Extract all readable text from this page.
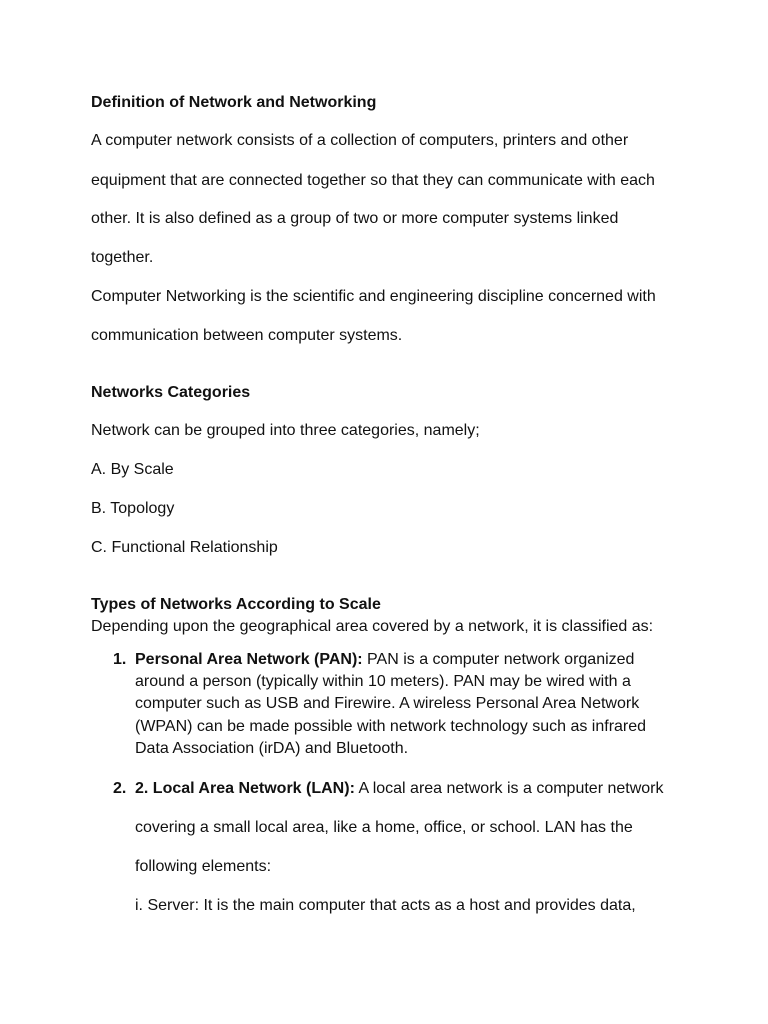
Definition of Network and Networking
A computer network consists of a collection of computers, printers and other
equipment that are connected together so that they can communicate with each
other. It is also defined as a group of two or more computer systems linked
together.
Computer Networking is the scientific and engineering discipline concerned with
communication between computer systems.
Networks Categories
Network can be grouped into three categories, namely;
A. By Scale
B. Topology
C. Functional Relationship
Types of Networks According to Scale
Depending upon the geographical area covered by a network, it is classified as:
1. Personal Area Network (PAN): PAN is a computer network organized
around a person (typically within 10 meters). PAN may be wired with a
computer such as USB and Firewire. A wireless Personal Area Network
(WPAN) can be made possible with network technology such as infrared
Data Association (irDA) and Bluetooth.
2. 2. Local Area Network (LAN): A local area network is a computer network
covering a small local area, like a home, office, or school. LAN has the
following elements:
i. Server: It is the main computer that acts as a host and provides data,
